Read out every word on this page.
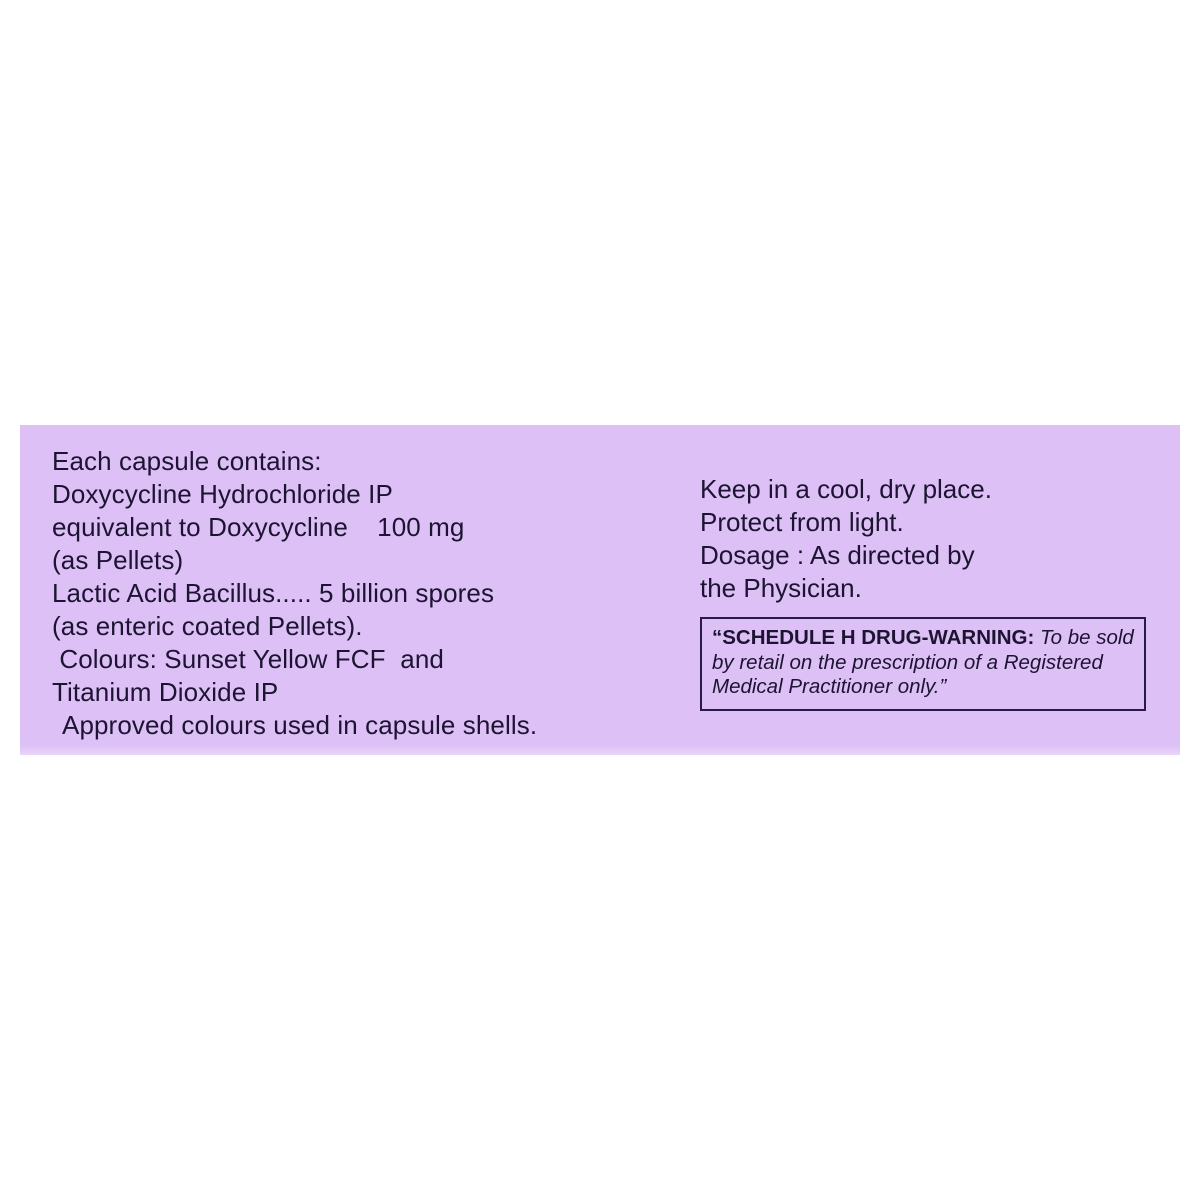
Each capsule contains:
Doxycycline Hydrochloride IP
equivalent to Doxycycline    100 mg
(as Pellets)
Lactic Acid Bacillus..... 5 billion spores
(as enteric coated Pellets).
Colours: Sunset Yellow FCF  and
Titanium Dioxide IP
Approved colours used in capsule shells.
Keep in a cool, dry place.
Protect from light.
Dosage : As directed by
the Physician.
“SCHEDULE H DRUG-WARNING: To be sold by retail on the prescription of a Registered Medical Practitioner only.”
